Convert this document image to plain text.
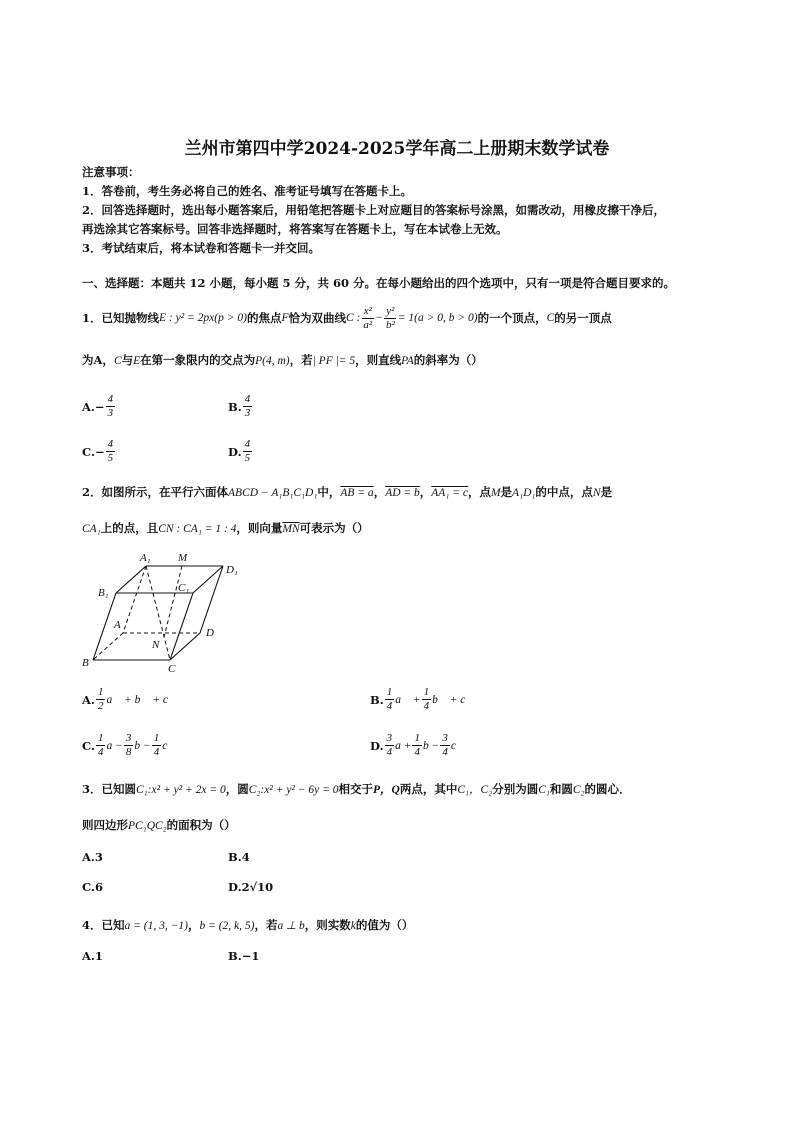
兰州市第四中学2024-2025学年高二上册期末数学试卷
注意事项：
1．答卷前，考生务必将自己的姓名、准考证号填写在答题卡上。
2．回答选择题时，选出每小题答案后，用铅笔把答题卡上对应题目的答案标号涂黑，如需改动，用橡皮擦干净后，
再选涂其它答案标号。回答非选择题时，将答案写在答题卡上，写在本试卷上无效。
3．考试结束后，将本试卷和答题卡一并交回。
一、选择题：本题共 12 小题，每小题 5 分，共 60 分。在每小题给出的四个选项中，只有一项是符合题目要求的。
1．已知抛物线 E : y² = 2px(p > 0) 的焦点 F 恰为双曲线 C : $\frac{\text{x²}}{\text{a²}} - \frac{\text{y²}}{\text{b²}} = 1(a > 0$, b > 0) 的一个顶点， C 的另一顶点
为A，C与E在第一象限内的交点为P(4, m)，若| PF |= 5，则直线PA的斜率为（）
$A.- \frac{4}{3}$	B. $\frac{4}{3}$
$C.- \frac{4}{5}$	D. $\frac{4}{5}$
2．如图所示，在平行六面体ABCD − A₁B₁C₁D₁中，AB = a，AD = b，AA₁ = c，点M是A₁D₁的中点，点N是
CA₁上的点，且CN : CA₁ = 1 : 4，则向量$\overline{MN}$可表示为（）
A₁ M
D₁
B₁	C₁
A
D
N
B	C
A. $\frac{1}{2}$ a⃗ + b⃗ + c⃗	B. $\frac{1}{4}$ a⃗ + $\frac{1}{4}$ b⃗ + c⃗
C. $\frac{1}{4}$ $a - \frac{3}{8}$ $b - \frac{1}{4}$ c	D. $\frac{3}{4}$ $a + \frac{1}{4}$ $b - \frac{3}{4}$ c
3．已知圆C₁:x² + y² + 2x = 0，圆C₂:x² + y² − 6y = 0相交于P，Q两点，其中C₁，C₂分别为圆C₁和圆C₂的圆心．
则四边形PC₁QC₂的面积为（）
A.3	B.4
C.6	D.2√10
4．已知a = (1, 3, −1)，b = (2, k, 5)，若a ⊥ b，则实数k的值为（）
A.1	B.−1
